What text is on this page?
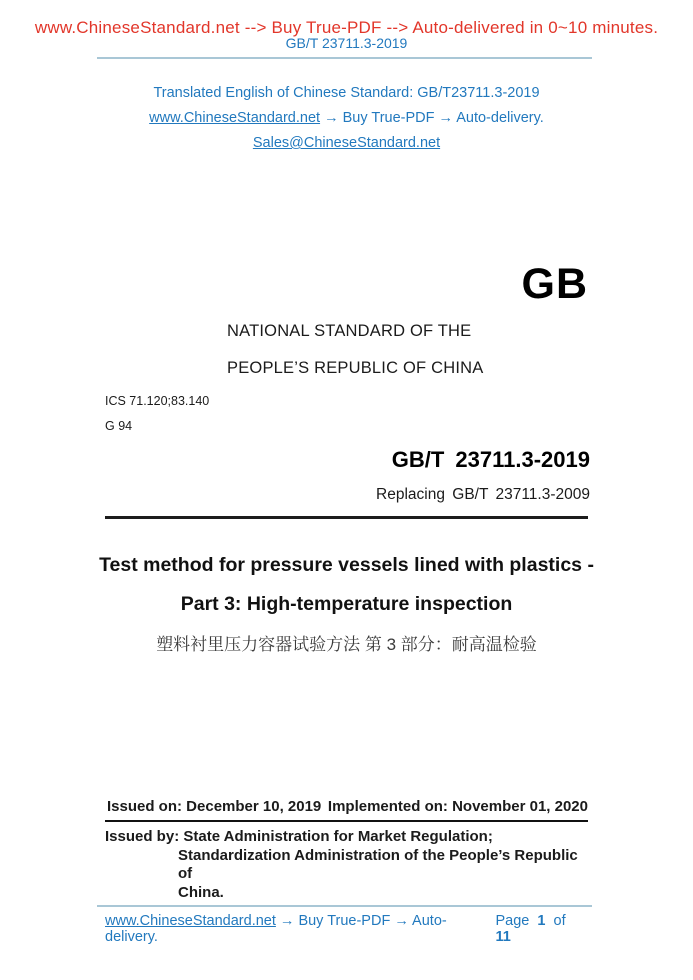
www.ChineseStandard.net --> Buy True-PDF --> Auto-delivered in 0~10 minutes.
GB/T 23711.3-2019
Translated English of Chinese Standard: GB/T23711.3-2019
www.ChineseStandard.net → Buy True-PDF → Auto-delivery.
Sales@ChineseStandard.net
GB
NATIONAL STANDARD OF THE
PEOPLE’S REPUBLIC OF CHINA
ICS 71.120;83.140
G 94
GB/T 23711.3-2019
Replacing GB/T 23711.3-2009
Test method for pressure vessels lined with plastics -
Part 3: High-temperature inspection
塑料衬里压力容器试验方法 第 3 部分：耐高温检验
Issued on: December 10, 2019 Implemented on: November 01, 2020
Issued by: State Administration for Market Regulation;
Standardization Administration of the People’s Republic of
China.
www.ChineseStandard.net → Buy True-PDF → Auto-delivery.
Page 1 of 11
